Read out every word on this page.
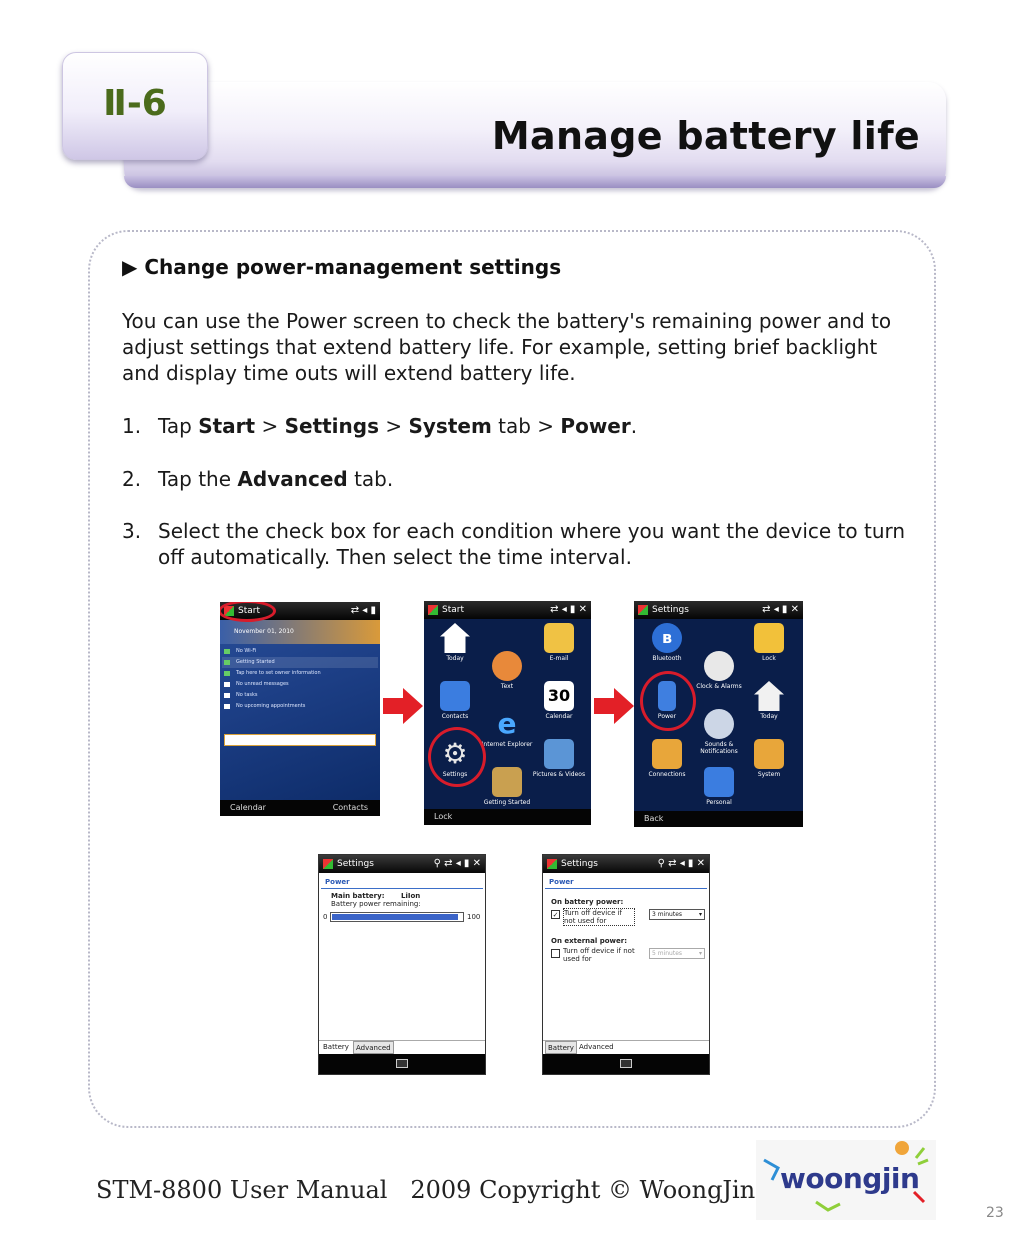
Manage battery life
Ⅱ-6
▶ Change power-management settings
You can use the Power screen to check the battery's remaining power and to adjust settings that extend battery life. For example, setting brief backlight and display time outs will extend battery life.
1. Tap Start > Settings > System tab > Power.
2. Tap the Advanced tab.
3. Select the check box for each condition where you want the device to turn off automatically. Then select the time interval.
Start	⇄ ◂ ▮
November 01, 2010
No Wi-Fi
Getting Started
Tap here to set owner information
No unread messages
No tasks
No upcoming appointments
Calendar	Contacts
Start	⇄ ◂ ▮ ✕
Today	E-mail
Text
Contacts
30
Calendar
e
Internet Explorer
⚙
Settings	Pictures & Videos
Getting Started
Lock
Settings	⇄ ◂ ▮ ✕
ʙ
Bluetooth	Lock
Clock & Alarms
Power	Today
Sounds & Notifications
Connections	System
Personal
Back
Settings	⚲ ⇄ ◂ ▮ ✕
Power
Main battery: LiIon
Battery power remaining:
0	100
Battery	Advanced
Settings	⚲ ⇄ ◂ ▮ ✕
Power
On battery power:
✓ Turn off device if not used for
3 minutes	▾
On external power:
Turn off device if not used for
5 minutes	▾
Battery Advanced
STM-8800 User Manual   2009 Copyright © WoongJin woongjin
23
